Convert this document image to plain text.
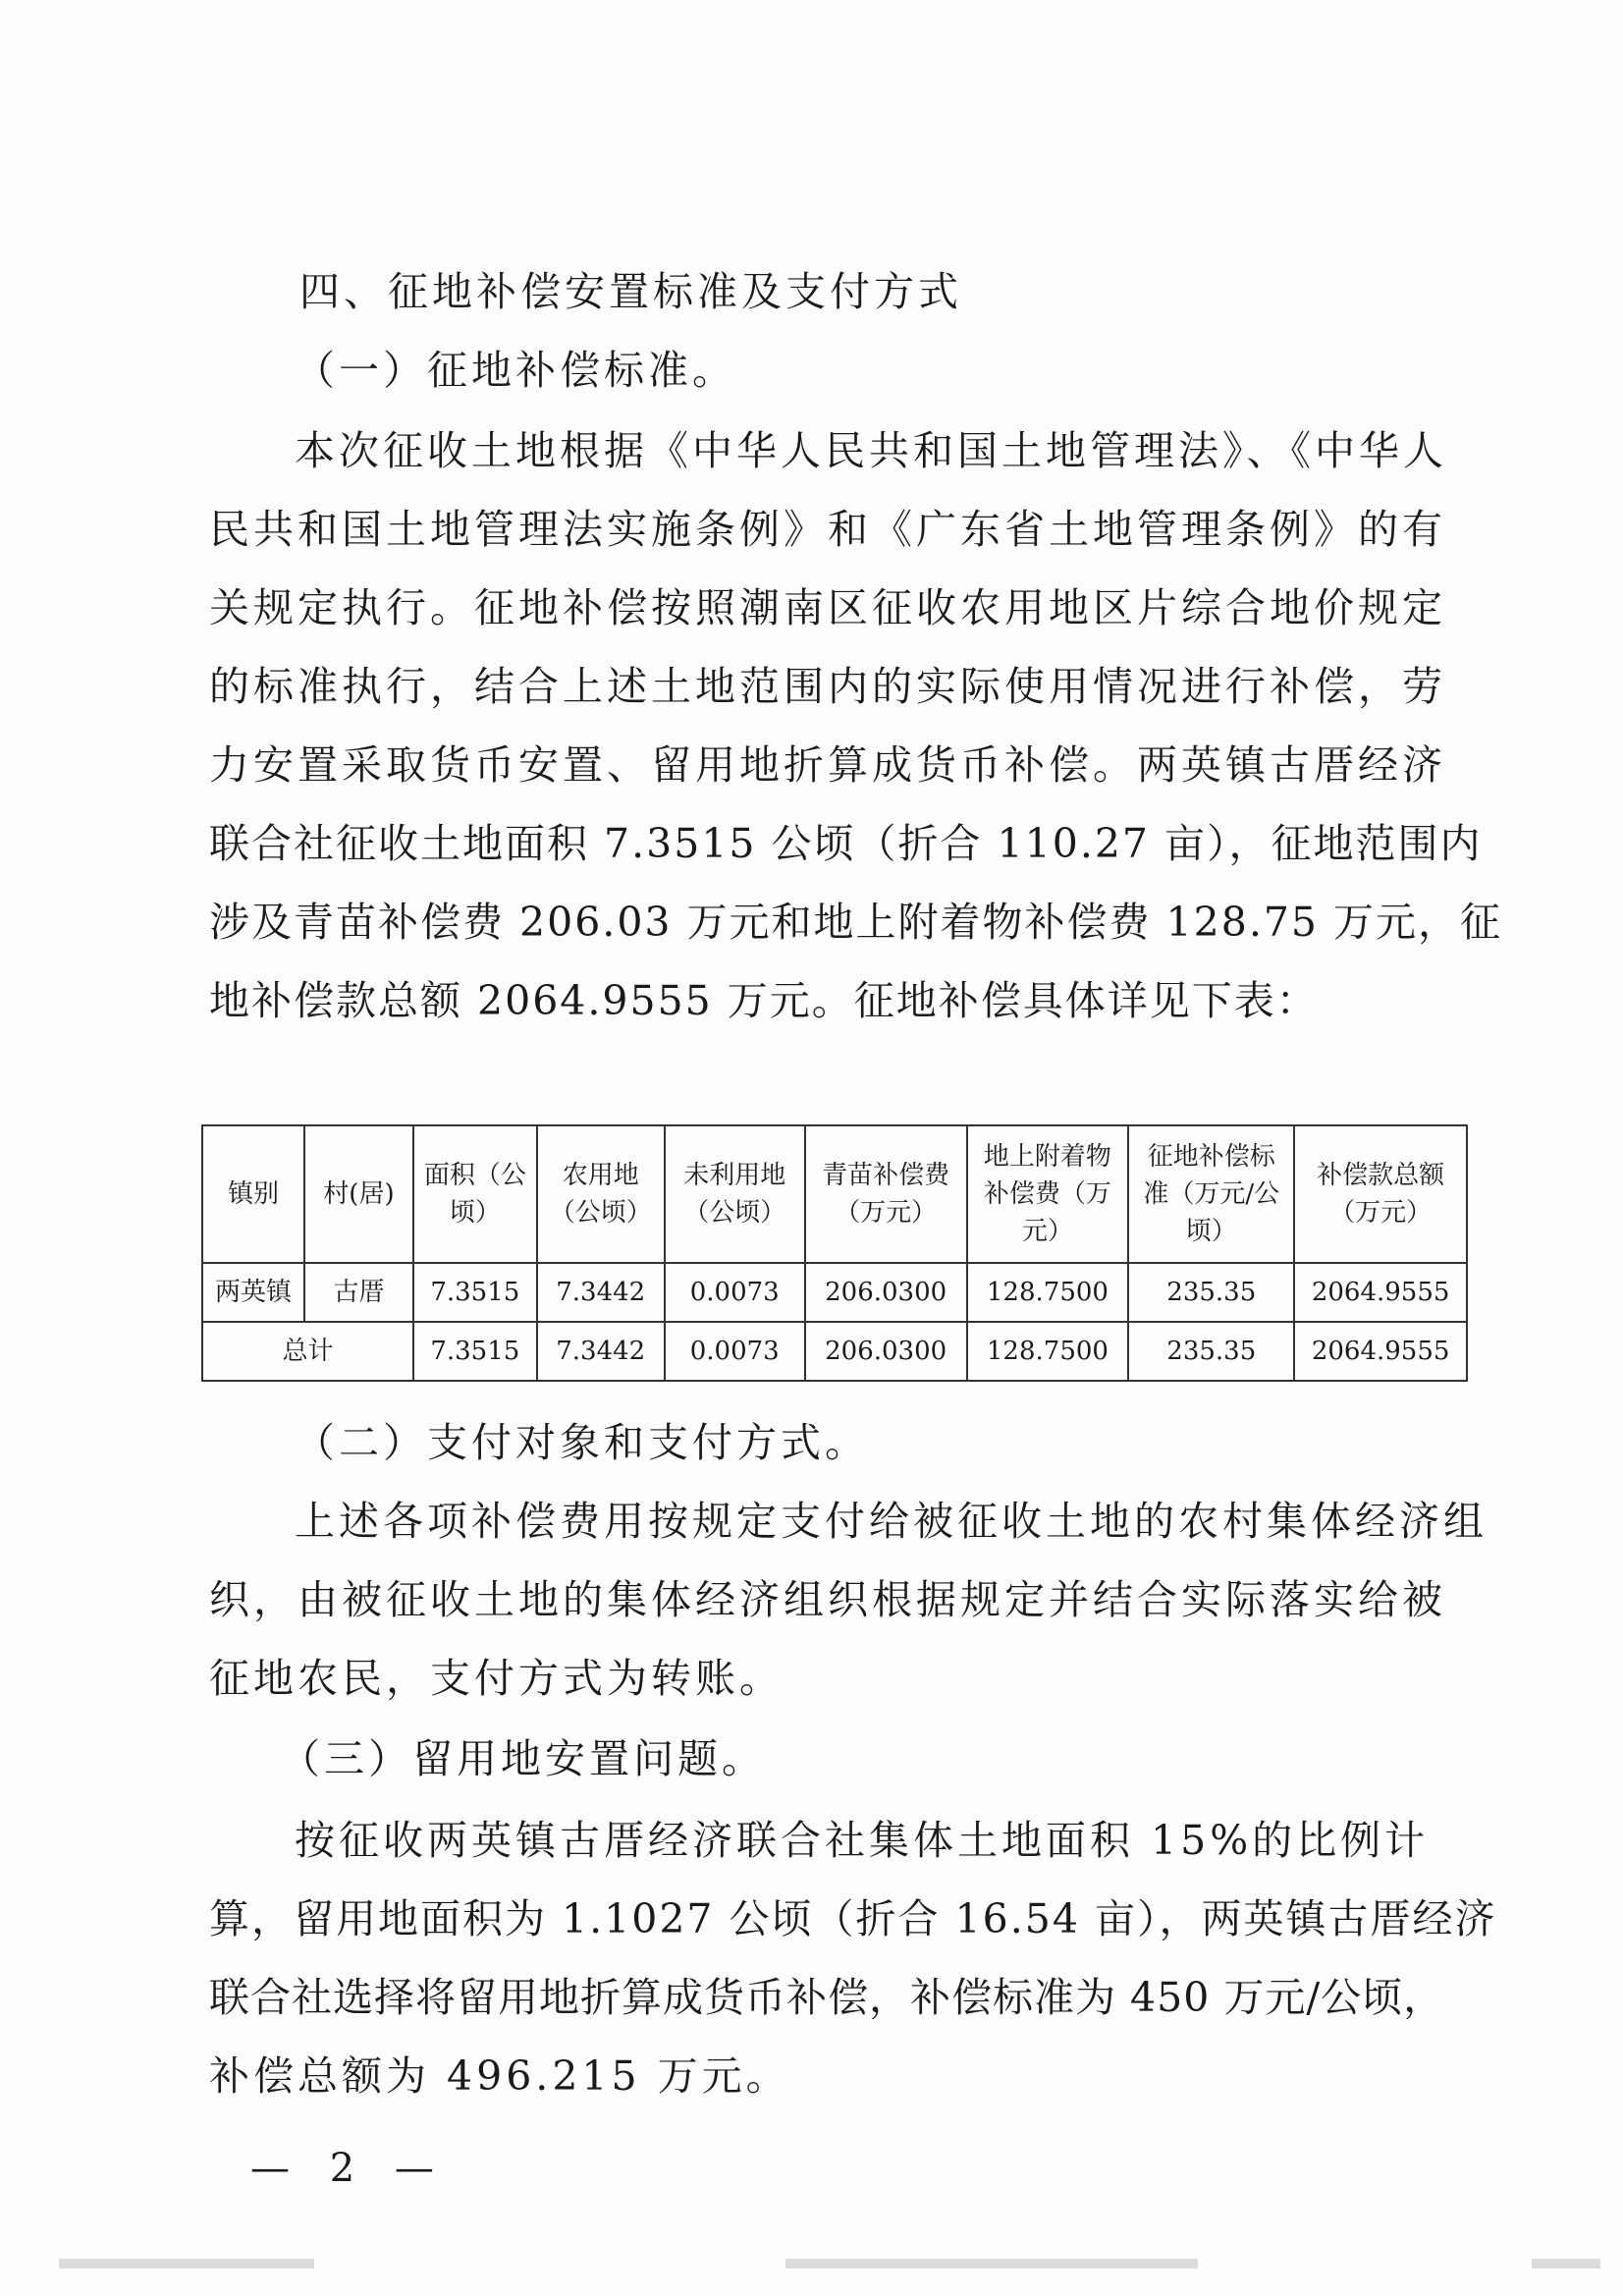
四、征地补偿安置标准及支付方式
（一）征地补偿标准。
本次征收土地根据《中华人民共和国土地管理法》、《中华人
民共和国土地管理法实施条例》和《广东省土地管理条例》的有
关规定执行。征地补偿按照潮南区征收农用地区片综合地价规定
的标准执行，结合上述土地范围内的实际使用情况进行补偿，劳
力安置采取货币安置、留用地折算成货币补偿。两英镇古厝经济
联合社征收土地面积 7.3515 公顷（折合 110.27 亩），征地范围内
涉及青苗补偿费 206.03 万元和地上附着物补偿费 128.75 万元，征
地补偿款总额 2064.9555 万元。征地补偿具体详见下表：
镇别	村(居)	面积（公顷）	农用地（公顷）	未利用地（公顷）	青苗补偿费（万元）	地上附着物补偿费（万元）	征地补偿标准（万元/公顷）	补偿款总额（万元）
两英镇	古厝	7.3515	7.3442	0.0073	206.0300	128.7500	235.35	2064.9555
总计		7.3515	7.3442	0.0073	206.0300	128.7500	235.35	2064.9555
（二）支付对象和支付方式。
上述各项补偿费用按规定支付给被征收土地的农村集体经济组
织，由被征收土地的集体经济组织根据规定并结合实际落实给被
征地农民，支付方式为转账。
（三）留用地安置问题。
按征收两英镇古厝经济联合社集体土地面积 15%的比例计
算，留用地面积为 1.1027 公顷（折合 16.54 亩），两英镇古厝经济
联合社选择将留用地折算成货币补偿，补偿标准为 450 万元/公顷，
补偿总额为 496.215 万元。
— 2 —
